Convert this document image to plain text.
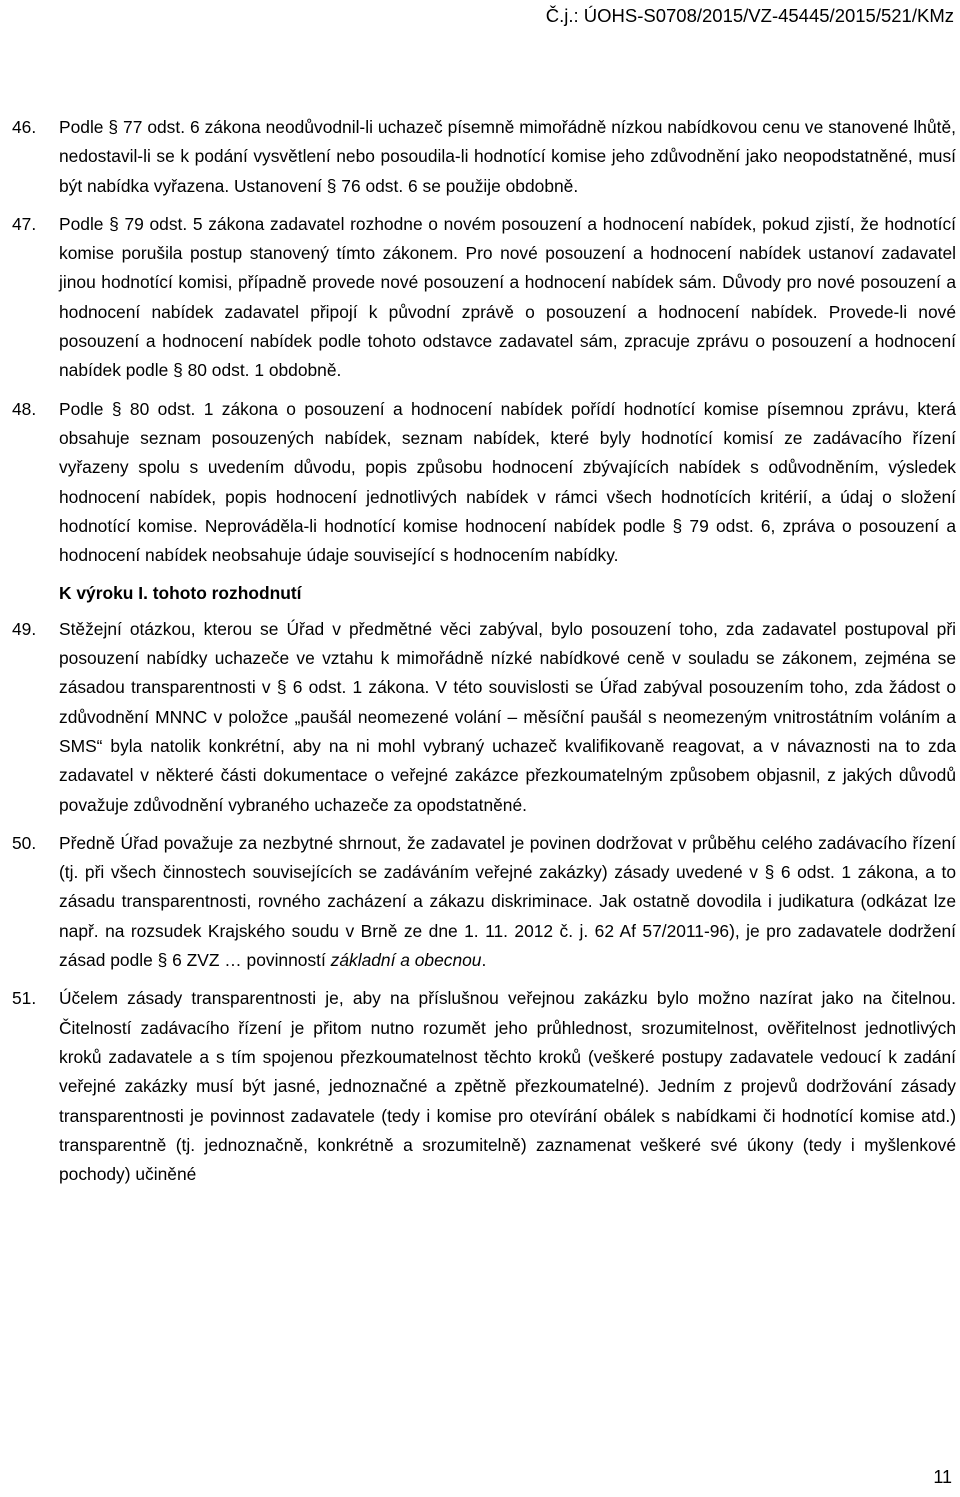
Č.j.: ÚOHS-S0708/2015/VZ-45445/2015/521/KMz
46. Podle § 77 odst. 6 zákona neodůvodnil-li uchazeč písemně mimořádně nízkou nabídkovou cenu ve stanovené lhůtě, nedostavil-li se k podání vysvětlení nebo posoudila-li hodnotící komise jeho zdůvodnění jako neopodstatněné, musí být nabídka vyřazena. Ustanovení § 76 odst. 6 se použije obdobně.
47. Podle § 79 odst. 5 zákona zadavatel rozhodne o novém posouzení a hodnocení nabídek, pokud zjistí, že hodnotící komise porušila postup stanovený tímto zákonem. Pro nové posouzení a hodnocení nabídek ustanoví zadavatel jinou hodnotící komisi, případně provede nové posouzení a hodnocení nabídek sám. Důvody pro nové posouzení a hodnocení nabídek zadavatel připojí k původní zprávě o posouzení a hodnocení nabídek. Provede-li nové posouzení a hodnocení nabídek podle tohoto odstavce zadavatel sám, zpracuje zprávu o posouzení a hodnocení nabídek podle § 80 odst. 1 obdobně.
48. Podle § 80 odst. 1 zákona o posouzení a hodnocení nabídek pořídí hodnotící komise písemnou zprávu, která obsahuje seznam posouzených nabídek, seznam nabídek, které byly hodnotící komisí ze zadávacího řízení vyřazeny spolu s uvedením důvodu, popis způsobu hodnocení zbývajících nabídek s odůvodněním, výsledek hodnocení nabídek, popis hodnocení jednotlivých nabídek v rámci všech hodnotících kritérií, a údaj o složení hodnotící komise. Neprováděla-li hodnotící komise hodnocení nabídek podle § 79 odst. 6, zpráva o posouzení a hodnocení nabídek neobsahuje údaje související s hodnocením nabídky.
K výroku I. tohoto rozhodnutí
49. Stěžejní otázkou, kterou se Úřad v předmětné věci zabýval, bylo posouzení toho, zda zadavatel postupoval při posouzení nabídky uchazeče ve vztahu k mimořádně nízké nabídkové ceně v souladu se zákonem, zejména se zásadou transparentnosti v § 6 odst. 1 zákona. V této souvislosti se Úřad zabýval posouzením toho, zda žádost o zdůvodnění MNNC v položce „paušál neomezené volání – měsíční paušál s neomezeným vnitrostátním voláním a SMS“ byla natolik konkrétní, aby na ni mohl vybraný uchazeč kvalifikovaně reagovat, a v návaznosti na to zda zadavatel v některé části dokumentace o veřejné zakázce přezkoumatelným způsobem objasnil, z jakých důvodů považuje zdůvodnění vybraného uchazeče za opodstatněné.
50. Předně Úřad považuje za nezbytné shrnout, že zadavatel je povinen dodržovat v průběhu celého zadávacího řízení (tj. při všech činnostech souvisejících se zadáváním veřejné zakázky) zásady uvedené v § 6 odst. 1 zákona, a to zásadu transparentnosti, rovného zacházení a zákazu diskriminace. Jak ostatně dovodila i judikatura (odkázat lze např. na rozsudek Krajského soudu v Brně ze dne 1. 11. 2012 č. j. 62 Af 57/2011-96), je pro zadavatele dodržení zásad podle § 6 ZVZ … povinností základní a obecnou.
51. Účelem zásady transparentnosti je, aby na příslušnou veřejnou zakázku bylo možno nazírat jako na čitelnou. Čitelností zadávacího řízení je přitom nutno rozumět jeho průhlednost, srozumitelnost, ověřitelnost jednotlivých kroků zadavatele a s tím spojenou přezkoumatelnost těchto kroků (veškeré postupy zadavatele vedoucí k zadání veřejné zakázky musí být jasné, jednoznačné a zpětně přezkoumatelné). Jedním z projevů dodržování zásady transparentnosti je povinnost zadavatele (tedy i komise pro otevírání obálek s nabídkami či hodnotící komise atd.) transparentně (tj. jednoznačně, konkrétně a srozumitelně) zaznamenat veškeré své úkony (tedy i myšlenkové pochody) učiněné
11
